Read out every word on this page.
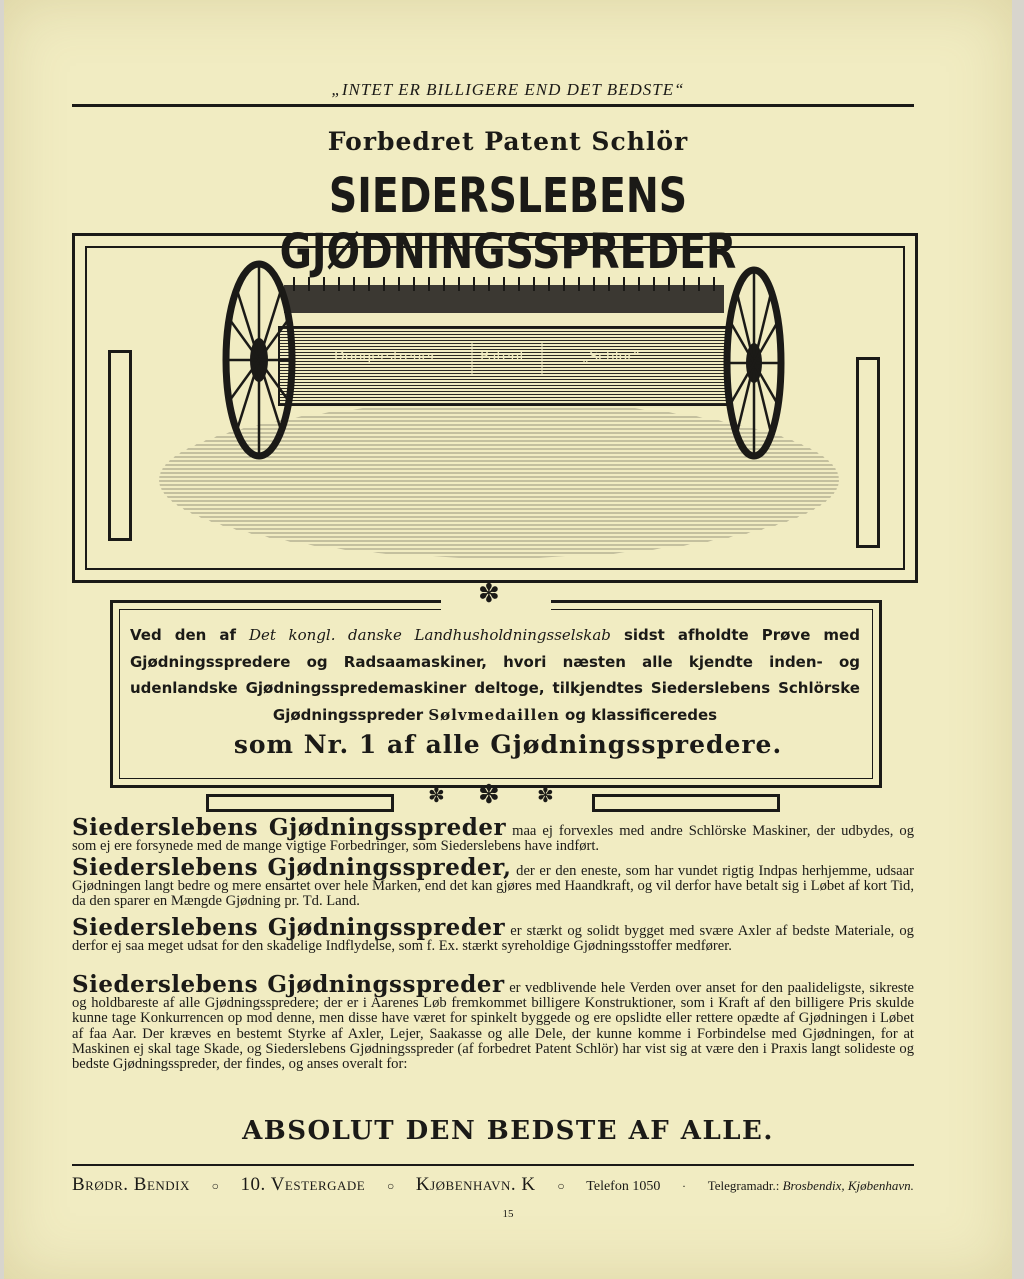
„INTET ER BILLIGERE END DET BEDSTE“
Forbedret Patent Schlör
SIEDERSLEBENS GJØDNINGSSPREDER
Düngerstreuer	Patent	„Schlör“
✽
Ved den af Det kongl. danske Landhusholdningsselskab sidst afholdte Prøve med Gjødningsspredere og Radsaamaskiner, hvori næsten alle kjendte inden- og udenlandske Gjødningsspredemaskiner deltoge, tilkjendtes Siederslebens Schlörske Gjødningsspreder Sølvmedaillen og klassificeredes
som Nr. 1 af alle Gjødningsspredere.
✽ ✽ ✽
Siederslebens Gjødningsspreder maa ej forvexles med andre Schlörske Maskiner, der udbydes, og som ej ere forsynede med de mange vigtige Forbedringer, som Siederslebens have indført.
Siederslebens Gjødningsspreder, der er den eneste, som har vundet rigtig Indpas herhjemme, udsaar Gjødningen langt bedre og mere ensartet over hele Marken, end det kan gjøres med Haandkraft, og vil derfor have betalt sig i Løbet af kort Tid, da den sparer en Mængde Gjødning pr. Td. Land.
Siederslebens Gjødningsspreder er stærkt og solidt bygget med svære Axler af bedste Materiale, og derfor ej saa meget udsat for den skadelige Indflydelse, som f. Ex. stærkt syreholdige Gjødningsstoffer medfører.
Siederslebens Gjødningsspreder er vedblivende hele Verden over anset for den paalideligste, sikreste og holdbareste af alle Gjødningsspredere; der er i Aarenes Løb fremkommet billigere Konstruktioner, som i Kraft af den billigere Pris skulde kunne tage Konkurrencen op mod denne, men disse have været for spinkelt byggede og ere opslidte eller rettere opædte af Gjødningen i Løbet af faa Aar. Der kræves en bestemt Styrke af Axler, Lejer, Saakasse og alle Dele, der kunne komme i Forbindelse med Gjødningen, for at Maskinen ej skal tage Skade, og Siederslebens Gjødningsspreder (af forbedret Patent Schlör) har vist sig at være den i Praxis langt solideste og bedste Gjødningsspreder, der findes, og anses overalt for:
ABSOLUT DEN BEDSTE AF ALLE.
Brødr. Bendix ○ 10. Vestergade ○ Kjøbenhavn. K ○ Telefon 1050 · Telegramadr.: Brosbendix, Kjøbenhavn.
15
